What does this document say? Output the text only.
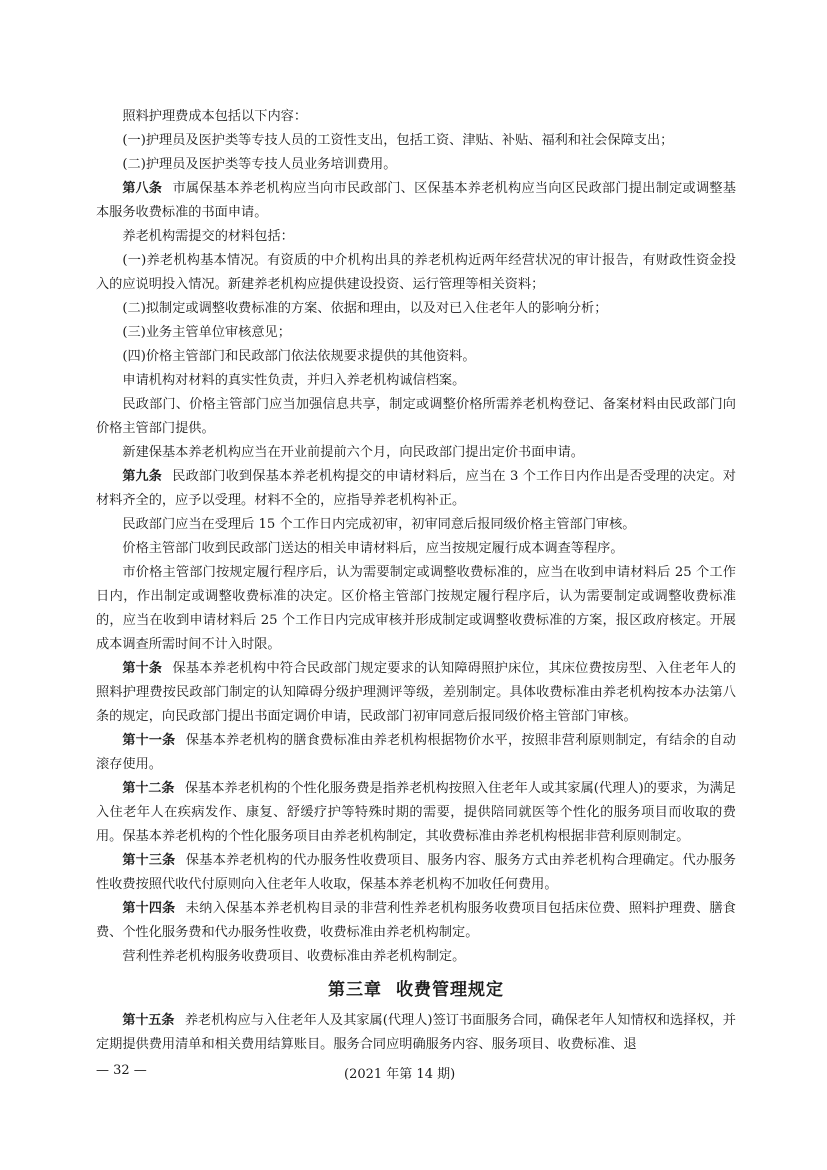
照料护理费成本包括以下内容：

(一)护理员及医护类等专技人员的工资性支出，包括工资、津贴、补贴、福利和社会保障支出；

(二)护理员及医护类等专技人员业务培训费用。

第八条 市属保基本养老机构应当向市民政部门、区保基本养老机构应当向区民政部门提出制定或调整基本服务收费标准的书面申请。

养老机构需提交的材料包括：

(一)养老机构基本情况。有资质的中介机构出具的养老机构近两年经营状况的审计报告，有财政性资金投入的应说明投入情况。新建养老机构应提供建设投资、运行管理等相关资料；

(二)拟制定或调整收费标准的方案、依据和理由，以及对已入住老年人的影响分析；

(三)业务主管单位审核意见；

(四)价格主管部门和民政部门依法依规要求提供的其他资料。

申请机构对材料的真实性负责，并归入养老机构诚信档案。

民政部门、价格主管部门应当加强信息共享，制定或调整价格所需养老机构登记、备案材料由民政部门向价格主管部门提供。

新建保基本养老机构应当在开业前提前六个月，向民政部门提出定价书面申请。

第九条 民政部门收到保基本养老机构提交的申请材料后，应当在 3 个工作日内作出是否受理的决定。对材料齐全的，应予以受理。材料不全的，应指导养老机构补正。

民政部门应当在受理后 15 个工作日内完成初审，初审同意后报同级价格主管部门审核。

价格主管部门收到民政部门送达的相关申请材料后，应当按规定履行成本调查等程序。

市价格主管部门按规定履行程序后，认为需要制定或调整收费标准的，应当在收到申请材料后 25 个工作日内，作出制定或调整收费标准的决定。区价格主管部门按规定履行程序后，认为需要制定或调整收费标准的，应当在收到申请材料后 25 个工作日内完成审核并形成制定或调整收费标准的方案，报区政府核定。开展成本调查所需时间不计入时限。

第十条 保基本养老机构中符合民政部门规定要求的认知障碍照护床位，其床位费按房型、入住老年人的照料护理费按民政部门制定的认知障碍分级护理测评等级，差别制定。具体收费标准由养老机构按本办法第八条的规定，向民政部门提出书面定调价申请，民政部门初审同意后报同级价格主管部门审核。

第十一条 保基本养老机构的膳食费标准由养老机构根据物价水平，按照非营利原则制定，有结余的自动滚存使用。

第十二条 保基本养老机构的个性化服务费是指养老机构按照入住老年人或其家属(代理人)的要求，为满足入住老年人在疾病发作、康复、舒缓疗护等特殊时期的需要，提供陪同就医等个性化的服务项目而收取的费用。保基本养老机构的个性化服务项目由养老机构制定，其收费标准由养老机构根据非营利原则制定。

第十三条 保基本养老机构的代办服务性收费项目、服务内容、服务方式由养老机构合理确定。代办服务性收费按照代收代付原则向入住老年人收取，保基本养老机构不加收任何费用。

第十四条 未纳入保基本养老机构目录的非营利性养老机构服务收费项目包括床位费、照料护理费、膳食费、个性化服务费和代办服务性收费，收费标准由养老机构制定。

营利性养老机构服务收费项目、收费标准由养老机构制定。

第三章 收费管理规定

第十五条 养老机构应与入住老年人及其家属(代理人)签订书面服务合同，确保老年人知情权和选择权，并定期提供费用清单和相关费用结算账目。服务合同应明确服务内容、服务项目、收费标准、退

— 32 —	(2021 年第 14 期)
